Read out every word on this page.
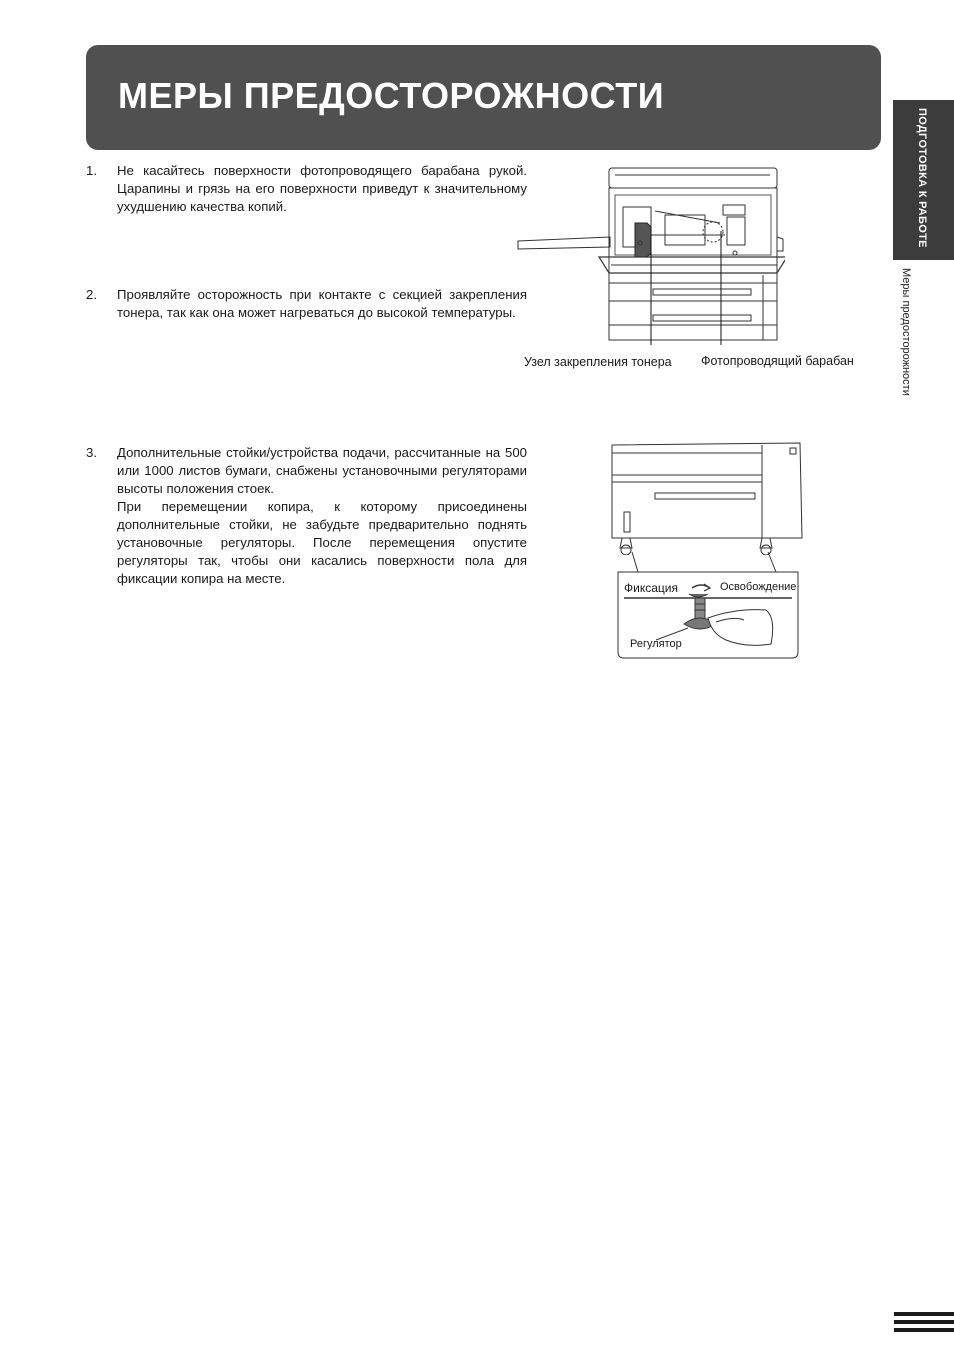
МЕРЫ ПРЕДОСТОРОЖНОСТИ
ПОДГОТОВКА К РАБОТЕ
Меры предосторожности
1. Не касайтесь поверхности фотопроводящего барабана рукой. Царапины и грязь на его поверхности приведут к значительному ухудшению качества копий.

2. Проявляйте осторожность при контакте с секцией закрепления тонера, так как она может нагреваться до высокой температуры.

3. Дополнительные стойки/устройства подачи, рассчитанные на 500 или 1000 листов бумаги, снабжены установочными регуляторами высоты положения стоек.

При перемещении копира, к которому присоединены дополнительные стойки, не забудьте предварительно поднять установочные регуляторы. После перемещения опустите регуляторы так, чтобы они касались поверхности пола для фиксации копира на месте.

Узел закрепления тонера Фотопроводящий барабан
Фиксация	Освобождение
Регулятор
